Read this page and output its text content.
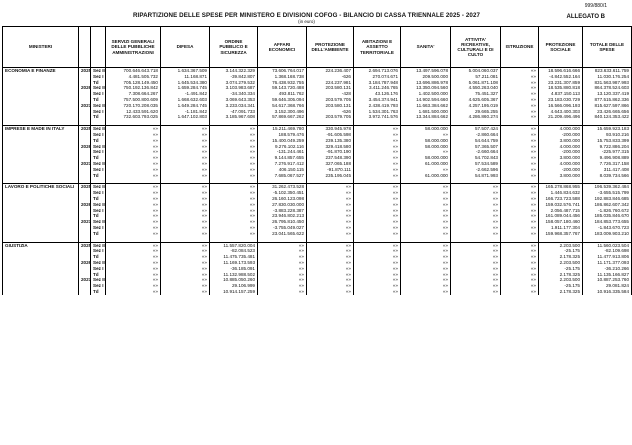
999/880/1
RIPARTIZIONE DELLE SPESE PER MINISTERO E DIVISIONI COFOG - BILANCIO DI CASSA TRIENNALE 2025 - 2027
(in euro)
ALLEGATO B
MINISTERI			SERVIZI GENERALI DELLE PUBBLICHE AMMINISTRAZIONI	DIFESA	ORDINE PUBBLICO E SICUREZZA	AFFARI ECONOMICI	PROTEZIONE DELL'AMBIENTE	ABITAZIONI E ASSETTO TERRITORIALE	SANITA'	ATTIVITA' RICREATIVE, CULTURALI E DI CULTO	ISTRUZIONE	PROTEZIONE SOCIALE	TOTALE DELLE SPESE
ECONOMIA E FINANZE	2025	Sez II	700.646.643.718	1.634.367.509	3.144.322.329	73.606.764.017	224.236.407	2.694.713.076	13.497.596.078	5.004.060.037	«»	18.596.616.666	823.633.611.759
		Sez I	4.481.505.732	11.168.871	-39.842.807	1.368.168.738	-626	270.074.671	209.500.000	57.211.081	«»	-4.842.552.164	11.030.176.254
		Td	705.128.149.450	1.645.534.380	3.074.279.532	76.438.932.755	224.237.981	3.184.787.948	13.696.886.978	5.061.871.108	«»	23.231.307.859	831.563.987.993
	2026	Sez II	750.192.136.842	1.659.284.745	3.103.983.687	59.143.720.488	203.580.131	3.411.246.765	13.350.094.560	4.550.263.040	«»	18.535.880.818	864.378.524.603
		Sez I	7.308.664.267	-1.491.842	-34.340.334	493.811.762	-428	43.126.176	1.402.500.000	75.451.327	«»	4.837.150.113	13.120.337.419
		Td	757.500.800.609	1.668.632.603	3.069.643.353	59.646.305.094	203.579.705	3.454.374.941	14.902.594.660	4.625.605.367	«»	23.183.030.729	877.515.862.336
	2027	Sez II	720.170.208.035	1.649.284.745	3.233.034.341	54.617.368.766	203.580.131	2.438.419.793	11.663.384.662	4.257.195.019	«»	16.566.096.193	815.627.597.866
		Sez I	12.433.591.620	-1.181.842	-47.091.733	3.152.300.496	-626	1.534.301.763	1.681.500.000	29.665.255	«»	4.643.400.303	23.426.665.656
		Td	732.603.793.025	1.647.102.803	3.185.967.608	57.869.667.262	203.579.705	3.972.741.576	13.344.884.662	4.286.860.274	«»	21.209.496.496	840.124.353.422

IMPRESE E MADE IN ITALY	2025	Sez II	«»	«»	«»	15.211.469.780	330.945.978	«»	58.000.000	57.507.424	«»	4.000.000	15.659.923.183
		Sez I	«»	«»	«»	188.579.476	-91.605.598	«»	«»	-2.860.664	«»	-200.000	93.910.216
		Td	«»	«»	«»	15.400.049.259	239.135.380	«»	58.000.000	54.644.759	«»	3.800.000	15.753.833.399
	2026	Sez II	«»	«»	«»	9.276.102.116	329.418.580	«»	58.000.000	57.365.507	«»	4.000.000	9.722.886.204
		Sez I	«»	«»	«»	-131.244.461	-91.870.190	«»	«»	-2.660.664	«»	-200.000	-225.977.315
		Td	«»	«»	«»	9.144.857.655	237.548.390	«»	58.000.000	54.702.843	«»	3.800.000	9.496.908.889
	2027	Sez II	«»	«»	«»	7.276.917.412	327.065.188	«»	61.000.000	57.534.589	«»	4.000.000	7.726.317.158
		Sez I	«»	«»	«»	406.150.115	-91.870.111	«»	«»	-2.662.596	«»	-200.000	311.417.408
		Td	«»	«»	«»	7.685.067.527	235.195.045	«»	61.000.000	54.871.993	«»	3.800.000	8.039.734.566

LAVORO E POLITICHE SOCIALI	2025	Sez II	«»	«»	«»	31.262.473.528	«»	«»	«»	«»	«»	165.278.868.955	196.539.362.484
		Sez I	«»	«»	«»	-5.102.350.451	«»	«»	«»	«»	«»	1.446.834.632	-3.655.515.799
		Td	«»	«»	«»	26.160.123.098	«»	«»	«»	«»	«»	166.723.723.588	192.883.846.685
	2026	Sez II	«»	«»	«»	27.830.030.000	«»	«»	«»	«»	«»	159.032.576.741	186.862.607.342
		Sez I	«»	«»	«»	-3.883.228.387	«»	«»	«»	«»	«»	2.056.487.715	-1.826.760.672
		Td	«»	«»	«»	23.946.802.213	«»	«»	«»	«»	«»	161.089.044.456	185.035.846.670
	2027	Sez II	«»	«»	«»	26.795.810.450	«»	«»	«»	«»	«»	158.057.180.460	184.853.773.655
		Sez I	«»	«»	«»	-3.755.049.027	«»	«»	«»	«»	«»	1.911.177.304	-1.843.670.723
		Td	«»	«»	«»	23.041.565.622	«»	«»	«»	«»	«»	159.968.357.767	183.009.903.210

GIUSTIZIA	2025	Sez II	«»	«»	11.557.820.004	«»	«»	«»	«»	«»	«»	2.203.500	11.560.023.504
		Sez I	«»	«»	-82.084.523	«»	«»	«»	«»	«»	«»	-25.175	-82.109.698
		Td	«»	«»	11.475.735.481	«»	«»	«»	«»	«»	«»	2.178.325	11.477.913.806
	2026	Sez II	«»	«»	11.169.173.593	«»	«»	«»	«»	«»	«»	2.203.500	11.171.377.093
		Sez I	«»	«»	-36.185.091	«»	«»	«»	«»	«»	«»	-25.175	-36.210.266
		Td	«»	«»	11.132.988.502	«»	«»	«»	«»	«»	«»	2.178.325	11.135.166.827
	2027	Sez II	«»	«»	10.885.050.260	«»	«»	«»	«»	«»	«»	2.203.500	10.887.253.760
		Sez I	«»	«»	29.106.999	«»	«»	«»	«»	«»	«»	-25.175	29.081.824
		Td	«»	«»	10.914.157.259	«»	«»	«»	«»	«»	«»	2.178.325	10.916.335.584
